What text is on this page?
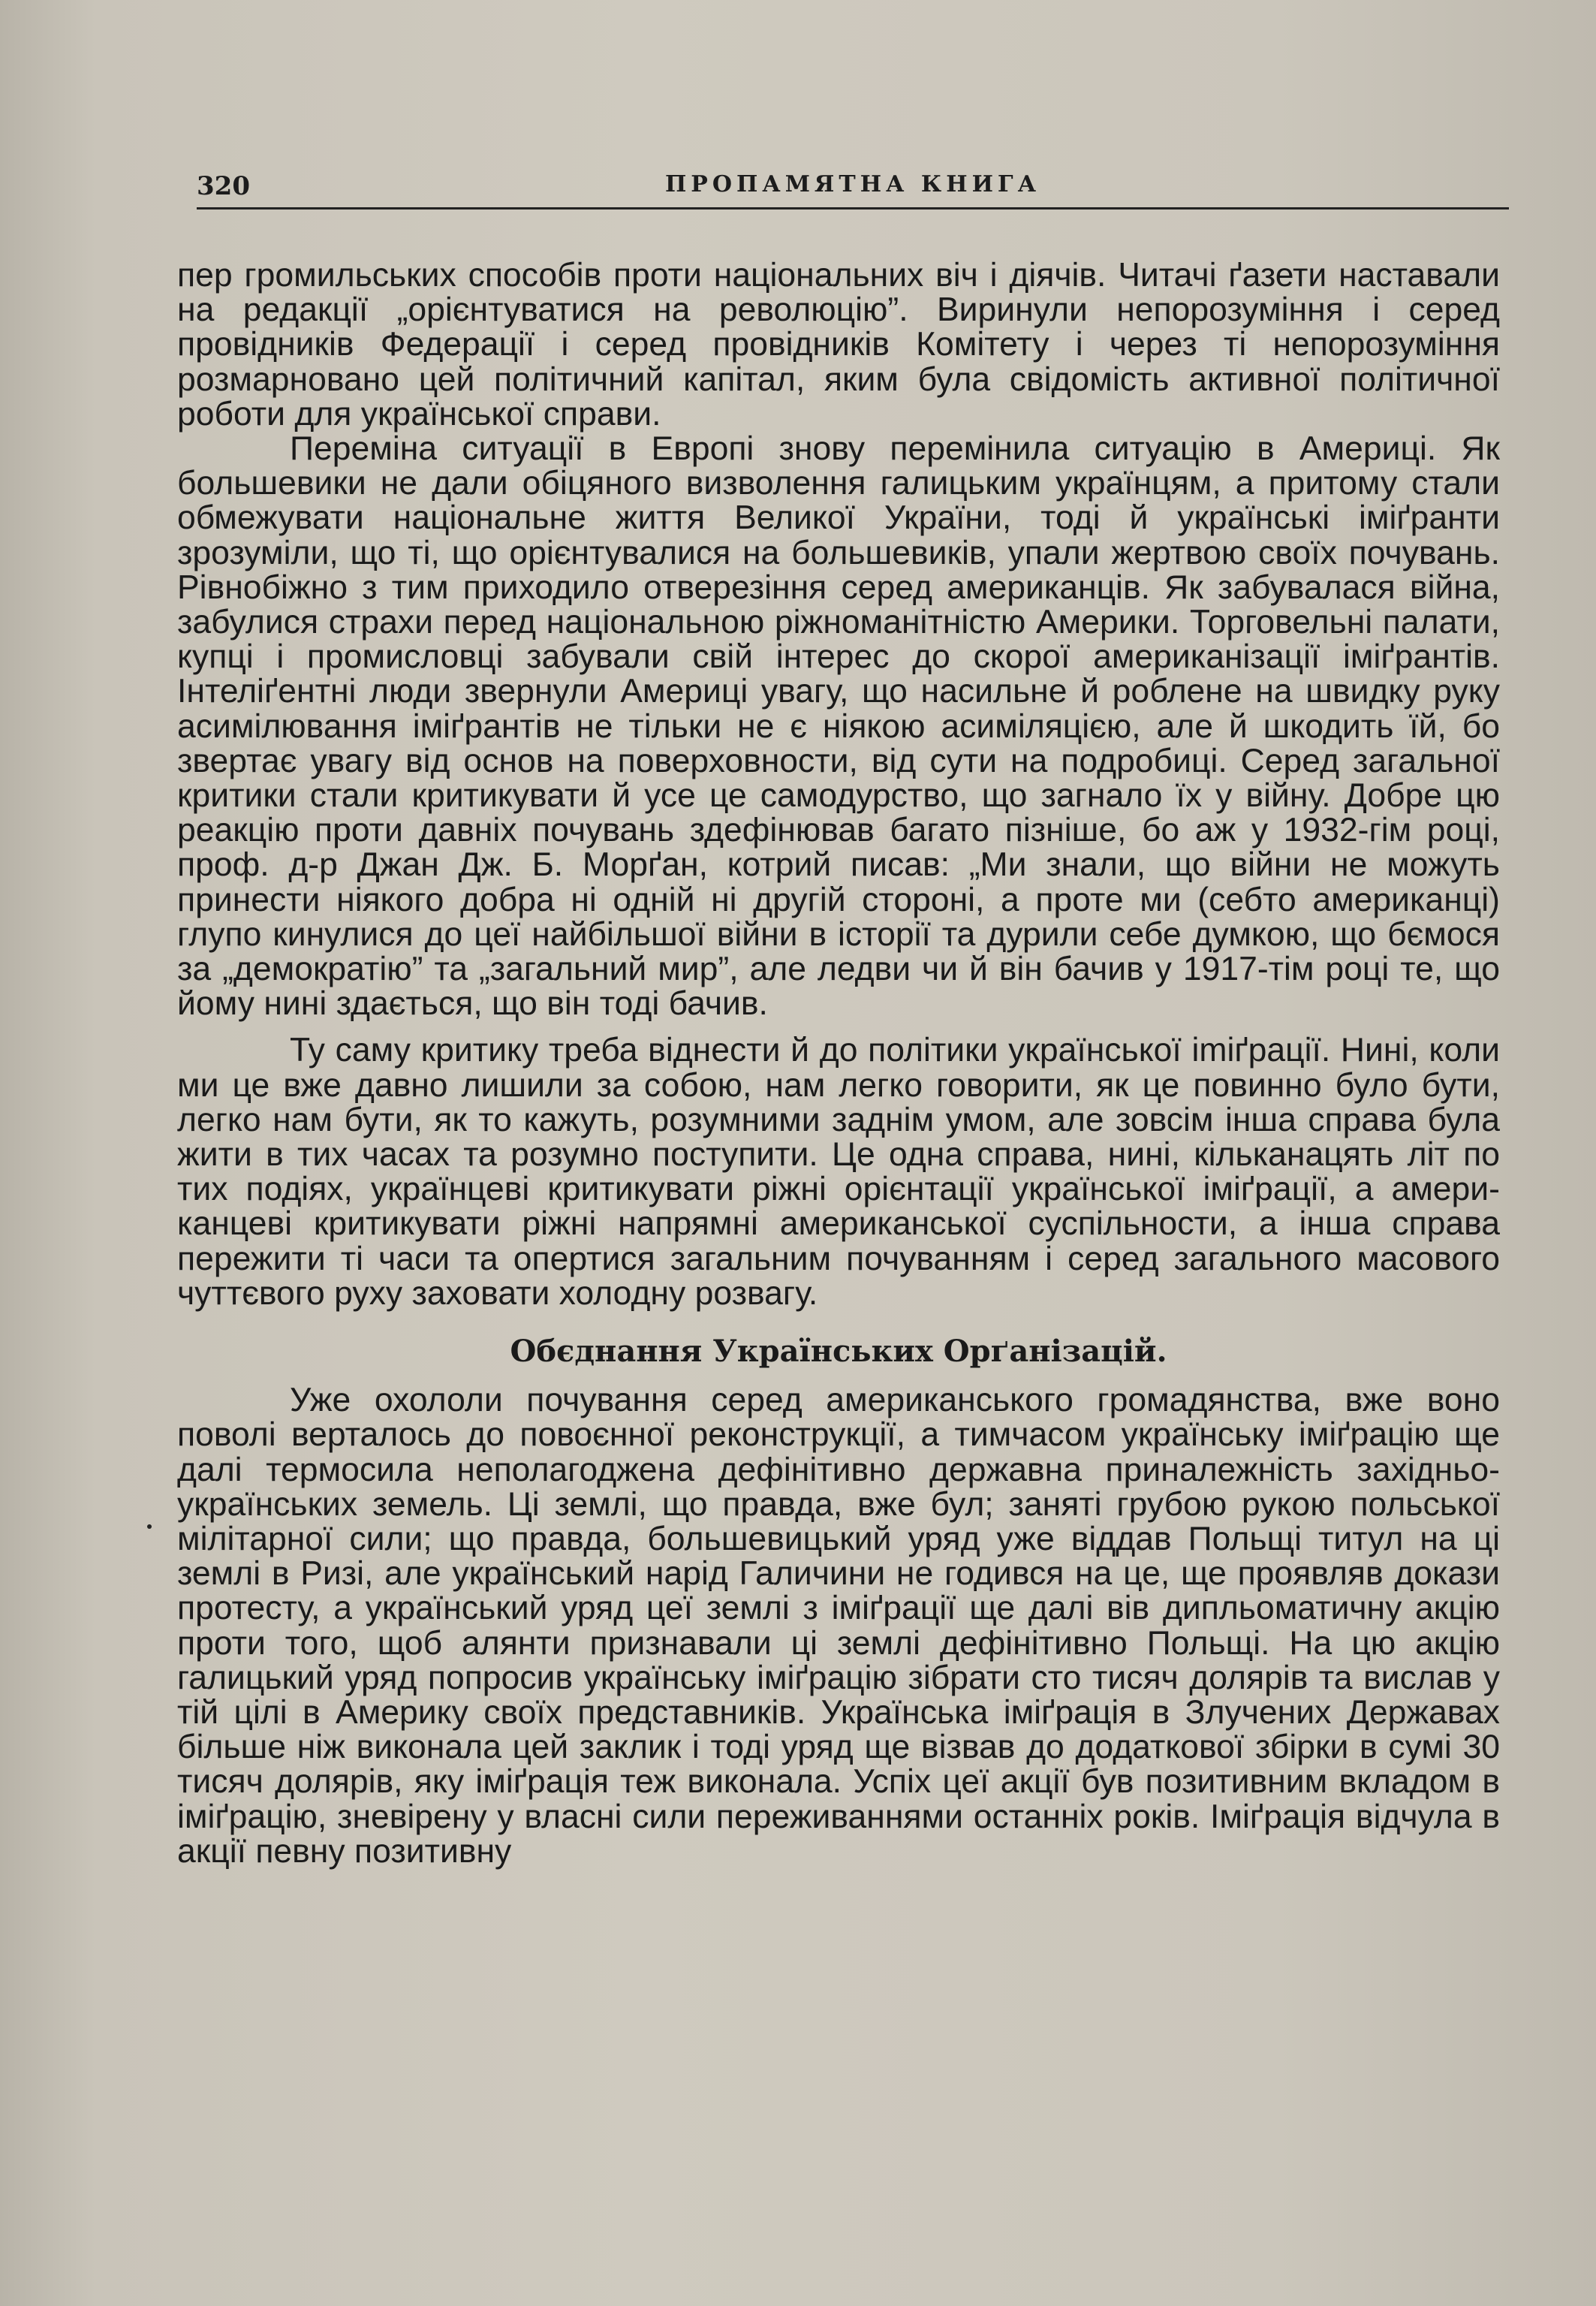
320	ПРОПАМЯТНА КНИГА

пер громильських способів проти національних віч і діячів. Читачі ґазети наставали на редакції „орієнтуватися на революцію”. Виринули непорозуміння і серед провідників Федерації і серед провідників Комітету і через ті непорозуміння розмарновано цей політичний капітал, яким була свідомість активної політичної роботи для української справи.

Переміна ситуації в Европі знову перемінила ситуацію в Америці. Як большевики не дали обіцяного визволення галицьким українцям, а притому стали обмежувати національне життя Великої України, тоді й українські іміґранти зрозуміли, що ті, що орієнтувалися на большевиків, упали жертвою своїх почувань. Рівнобіжно з тим приходило отверезіння серед американців. Як забувалася війна, забулися страхи перед національною ріжноманітністю Америки. Торговельні палати, купці і промисловці забували свій інтерес до скорої американізації іміґрантів. Інтеліґентні люди звернули Америці увагу, що насильне й роблене на швидку руку асимілювання іміґрантів не тільки не є ніякою асиміляцією, але й шкодить їй, бо звертає увагу від основ на поверховности, від сути на подробиці. Серед загальної критики стали критикувати й усе це самодурство, що загнало їх у війну. Добре цю реакцію проти давніх почувань здефінював багато пізніше, бо аж у 1932-гім році, проф. д-р Джан Дж. Б. Морґан, котрий писав: „Ми знали, що війни не можуть принести ніякого добра ні одній ні другій стороні, а проте ми (себто американці) глупо кинулися до цеї найбільшої війни в історії та дурили себе думкою, що бємося за „демократію” та „загальний мир”, але ледви чи й він бачив у 1917-тім році те, що йому нині здається, що він тоді бачив.

Ту саму критику треба віднести й до політики української imiґрації. Нині, коли ми це вже давно лишили за собою, нам легко говорити, як це повинно було бути, легко нам бути, як то кажуть, розумними заднім умом, але зовсім інша справа була жити в тих часах та розумно поступити. Це одна справа, нині, кільканацять літ по тих подіях, українцеві критикувати ріжні орієнтації української іміґрації, а американцеві критикувати ріжні напрямні американської суспільности, а інша справа пережити ті часи та опертися загальним почуванням і серед загального масового чуттєвого руху заховати холодну розвагу.

Обєднання Українських Орґанізацій.

Уже охололи почування серед американського громадянства, вже воно поволі верталось до повоєнної реконструкції, а тимчасом українську іміґрацію ще далі термосила неполагоджена дефінітивно державна приналежність західньо-українських земель. Ці землі, що правда, вже бул; заняті грубою рукою польської мілітарної сили; що правда, большевицький уряд уже віддав Польщі титул на ці землі в Ризі, але український нарід Галичини не годився на це, ще проявляв докази протесту, а український уряд цеї землі з іміґрації ще далі вів дипльоматичну акцію проти того, щоб алянти признавали ці землі дефінітивно Польщі. На цю акцію галицький уряд попросив українську іміґрацію зібрати сто тисяч долярів та вислав у тій цілі в Америку своїх представників. Українська іміґрація в Злучених Державах більше ніж виконала цей заклик і тоді уряд ще візвав до додаткової збірки в сумі 30 тисяч долярів, яку іміґрація теж виконала. Успіх цеї акції був позитивним вкладом в іміґрацію, зневірену у власні сили переживаннями останніх років. Іміґрація відчула в акції певну позитивну
